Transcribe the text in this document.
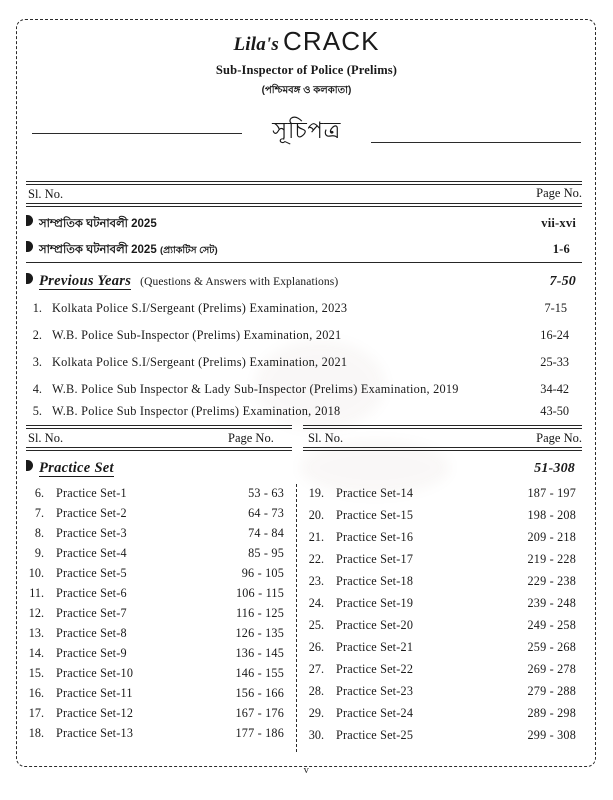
Lila's CRACK
Sub-Inspector of Police (Prelims)
(পশ্চিমবঙ্গ ও কলকাতা)
সূচিপত্র
Sl. No.	Page No.
সাম্প্রতিক ঘটনাবলী 2025	vii-xvi
সাম্প্রতিক ঘটনাবলী 2025 (প্র্যাকটিস সেট)	1-6
Previous Years (Questions & Answers with Explanations)	7-50
1. Kolkata Police S.I/Sergeant (Prelims) Examination, 2023	7-15
2. W.B. Police Sub-Inspector (Prelims) Examination, 2021	16-24
3. Kolkata Police S.I/Sergeant (Prelims) Examination, 2021	25-33
4. W.B. Police Sub Inspector & Lady Sub-Inspector (Prelims) Examination, 2019	34-42
5. W.B. Police Sub Inspector (Prelims) Examination, 2018	43-50
Sl. No.	Page No.	Sl. No.	Page No.
Practice Set	51-308
6. Practice Set-1	53 - 63
7. Practice Set-2	64 - 73
8. Practice Set-3	74 - 84
9. Practice Set-4	85 - 95
10. Practice Set-5	96 - 105
11. Practice Set-6	106 - 115
12. Practice Set-7	116 - 125
13. Practice Set-8	126 - 135
14. Practice Set-9	136 - 145
15. Practice Set-10	146 - 155
16. Practice Set-11	156 - 166
17. Practice Set-12	167 - 176
18. Practice Set-13	177 - 186
19. Practice Set-14	187 - 197
20. Practice Set-15	198 - 208
21. Practice Set-16	209 - 218
22. Practice Set-17	219 - 228
23. Practice Set-18	229 - 238
24. Practice Set-19	239 - 248
25. Practice Set-20	249 - 258
26. Practice Set-21	259 - 268
27. Practice Set-22	269 - 278
28. Practice Set-23	279 - 288
29. Practice Set-24	289 - 298
30. Practice Set-25	299 - 308
v
